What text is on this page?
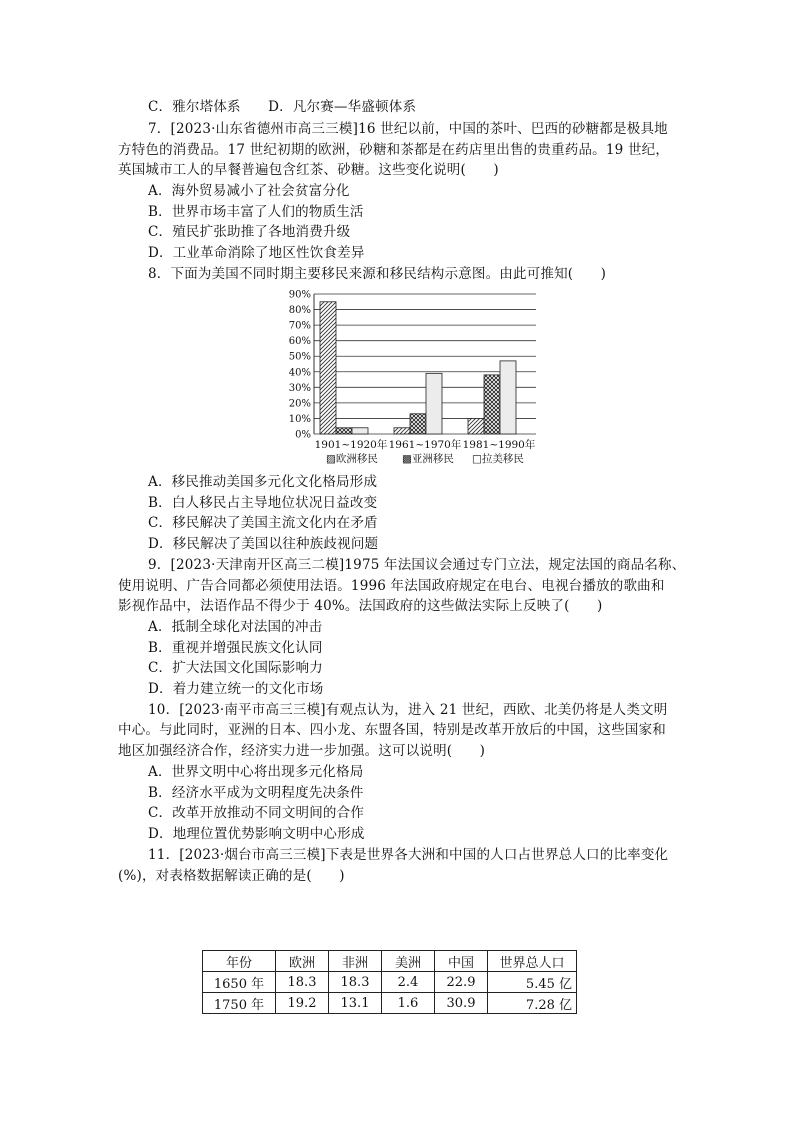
C．雅尔塔体系　　D．凡尔赛—华盛顿体系
7．[2023·山东省德州市高三三模]16 世纪以前，中国的茶叶、巴西的砂糖都是极具地
方特色的消费品。17 世纪初期的欧洲，砂糖和茶都是在药店里出售的贵重药品。19 世纪，
英国城市工人的早餐普遍包含红茶、砂糖。这些变化说明(　　)
A．海外贸易减小了社会贫富分化
B．世界市场丰富了人们的物质生活
C．殖民扩张助推了各地消费升级
D．工业革命消除了地区性饮食差异
8．下面为美国不同时期主要移民来源和移民结构示意图。由此可推知(　　)
0%
10%
20%
30%
40%
50%
60%
70%
80%
90%
1901~1920年 1961~1970年 1981~1990年
▨欧洲移民 ▩亚洲移民 □拉美移民
A．移民推动美国多元化文化格局形成
B．白人移民占主导地位状况日益改变
C．移民解决了美国主流文化内在矛盾
D．移民解决了美国以往种族歧视问题
9．[2023·天津南开区高三二模]1975 年法国议会通过专门立法，规定法国的商品名称、
使用说明、广告合同都必须使用法语。1996 年法国政府规定在电台、电视台播放的歌曲和
影视作品中，法语作品不得少于 40%。法国政府的这些做法实际上反映了(　　)
A．抵制全球化对法国的冲击
B．重视并增强民族文化认同
C．扩大法国文化国际影响力
D．着力建立统一的文化市场
10．[2023·南平市高三三模]有观点认为，进入 21 世纪，西欧、北美仍将是人类文明
中心。与此同时，亚洲的日本、四小龙、东盟各国，特别是改革开放后的中国，这些国家和
地区加强经济合作，经济实力进一步加强。这可以说明(　　)
A．世界文明中心将出现多元化格局
B．经济水平成为文明程度先决条件
C．改革开放推动不同文明间的合作
D．地理位置优势影响文明中心形成
11．[2023·烟台市高三三模]下表是世界各大洲和中国的人口占世界总人口的比率变化
(%)，对表格数据解读正确的是(　　)
年份	欧洲	非洲	美洲	中国	世界总人口
1650 年	18.3	18.3	2.4	22.9	5.45 亿
1750 年	19.2	13.1	1.6	30.9	7.28 亿
